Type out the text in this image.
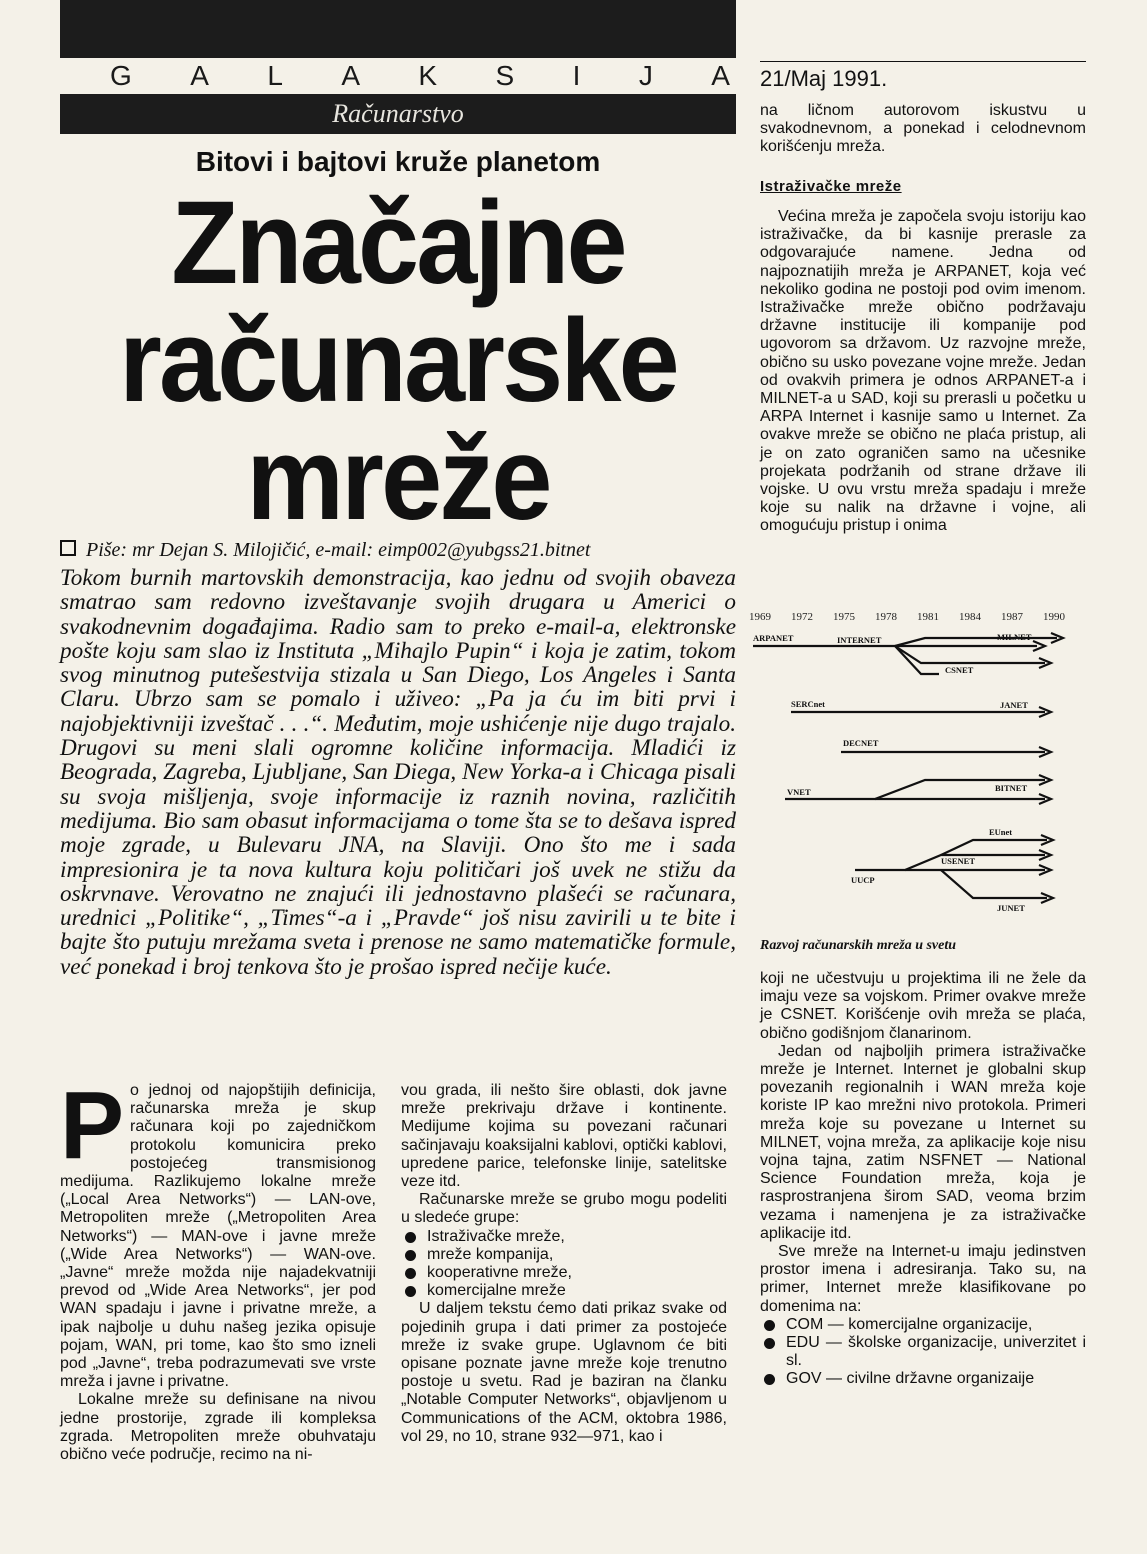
G A L A K S I J A
Računarstvo
21/Maj 1991.
Bitovi i bajtovi kruže planetom
Značajne
računarske
mreže
Piše: mr Dejan S. Milojičić, e-mail: eimp002@yubgss21.bitnet
Tokom burnih martovskih demonstracija, kao jednu od svojih obaveza smatrao sam redovno izveštavanje svojih drugara u Americi o svakodnevnim događajima. Radio sam to preko e-mail-a, elektronske pošte koju sam slao iz Instituta „Mihajlo Pupin“ i koja je zatim, tokom svog minutnog putešestvija stizala u San Diego, Los Angeles i Santa Claru. Ubrzo sam se pomalo i uživeo: „Pa ja ću im biti prvi i najobjektivniji izveštač . . .“. Međutim, moje ushićenje nije dugo trajalo. Drugovi su meni slali ogromne količine informacija. Mladići iz Beograda, Zagreba, Ljubljane, San Diega, New Yorka-a i Chicaga pisali su svoja mišljenja, svoje informacije iz raznih novina, različitih medijuma. Bio sam obasut informacijama o tome šta se to dešava ispred moje zgrade, u Bulevaru JNA, na Slaviji. Ono što me i sada impresionira je ta nova kultura koju političari još uvek ne stižu da oskrvnave. Verovatno ne znajući ili jednostavno plašeći se računara, urednici „Politike“, „Times“-a i „Pravde“ još nisu zavirili u te bite i bajte što putuju mrežama sveta i prenose ne samo matematičke formule, već ponekad i broj tenkova što je prošao ispred nečije kuće.

Po jednoj od najopštijih definicija, računarska mreža je skup računara koji po zajedničkom protokolu komunicira preko postojećeg transmisionog medijuma. Razlikujemo lokalne mreže („Local Area Networks“) — LAN-ove, Metropoliten mreže („Metropoliten Area Networks“) — MAN-ove i javne mreže („Wide Area Networks“) — WAN-ove. „Javne“ mreže možda nije najadekvatniji prevod od „Wide Area Networks“, jer pod WAN spadaju i javne i privatne mreže, a ipak najbolje u duhu našeg jezika opisuje pojam, WAN, pri tome, kao što smo izneli pod „Javne“, treba podrazumevati sve vrste mreža i javne i privatne.

Lokalne mreže su definisane na nivou jedne prostorije, zgrade ili kompleksa zgrada. Metropoliten mreže obuhvataju obično veće područje, recimo na ni-

vou grada, ili nešto šire oblasti, dok javne mreže prekrivaju države i kontinente. Medijume kojima su povezani računari sačinjavaju koaksijalni kablovi, optički kablovi, upredene parice, telefonske linije, satelitske veze itd.

Računarske mreže se grubo mogu podeliti u sledeće grupe:

Istraživačke mreže,

mreže kompanija,

kooperativne mreže,

komercijalne mreže

U daljem tekstu ćemo dati prikaz svake od pojedinih grupa i dati primer za postojeće mreže iz svake grupe. Uglavnom će biti opisane poznate javne mreže koje trenutno postoje u svetu. Rad je baziran na članku „Notable Computer Networks“, objavljenom u Communications of the ACM, oktobra 1986, vol 29, no 10, strane 932—971, kao i

na ličnom autorovom iskustvu u svakodnevnom, a ponekad i celodnevnom korišćenju mreža.

Istraživačke mreže

Većina mreža je započela svoju istoriju kao istraživačke, da bi kasnije prerasle za odgovarajuće namene. Jedna od najpoznatijih mreža je ARPANET, koja već nekoliko godina ne postoji pod ovim imenom. Istraživačke mreže obično podržavaju državne institucije ili kompanije pod ugovorom sa državom. Uz razvojne mreže, obično su usko povezane vojne mreže. Jedan od ovakvih primera je odnos ARPANET-a i MILNET-a u SAD, koji su prerasli u početku u ARPA Internet i kasnije samo u Internet. Za ovakve mreže se obično ne plaća pristup, ali je on zato ograničen samo na učesnike projekata podržanih od strane države ili vojske. U ovu vrstu mreža spadaju i mreže koje su nalik na državne i vojne, ali omogućuju pristup i onima

1969 1972 1975 1978 1981 1984 1987 1990
ARPANET	INTERNET	MILNET
CSNET
SERCnet	JANET
DECNET
VNET	BITNET
EUnet
USENET
UUCP
JUNET
Razvoj računarskih mreža u svetu

koji ne učestvuju u projektima ili ne žele da imaju veze sa vojskom. Primer ovakve mreže je CSNET. Korišćenje ovih mreža se plaća, obično godišnjom članarinom.

Jedan od najboljih primera istraživačke mreže je Internet. Internet je globalni skup povezanih regionalnih i WAN mreža koje koriste IP kao mrežni nivo protokola. Primeri mreža koje su povezane u Internet su MILNET, vojna mreža, za aplikacije koje nisu vojna tajna, zatim NSFNET — National Science Foundation mreža, koja je rasprostranjena širom SAD, veoma brzim vezama i namenjena je za istraživačke aplikacije itd.

Sve mreže na Internet-u imaju jedinstven prostor imena i adresiranja. Tako su, na primer, Internet mreže klasifikovane po domenima na:

COM — komercijalne organizacije,

EDU — školske organizacije, univerzitet i sl.

GOV — civilne državne organizaije
